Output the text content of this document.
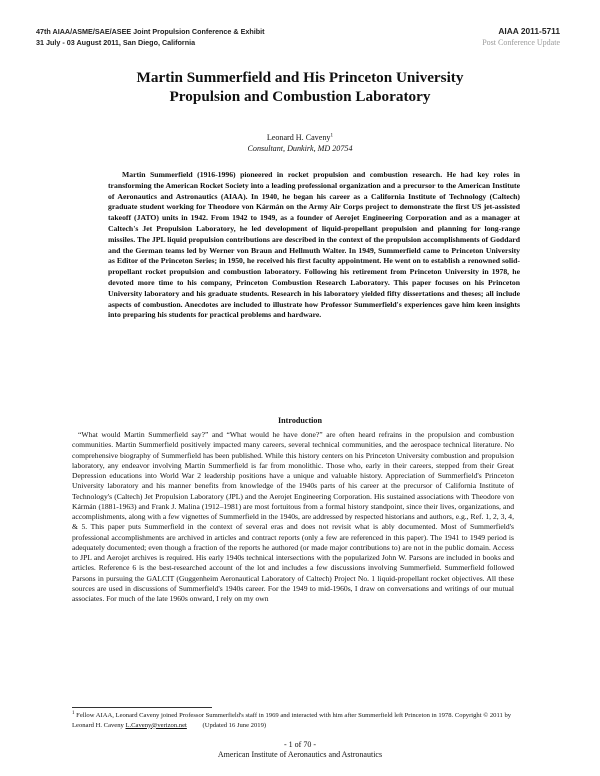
47th AIAA/ASME/SAE/ASEE Joint Propulsion Conference & Exhibit
31 July - 03 August 2011, San Diego, California
AIAA 2011-5711
Post Conference Update
Martin Summerfield and His Princeton University
Propulsion and Combustion Laboratory
Leonard H. Caveny$^1$
Consultant, Dunkirk, MD 20754

Martin Summerfield (1916-1996) pioneered in rocket propulsion and combustion research. He had key roles in transforming the American Rocket Society into a leading professional organization and a precursor to the American Institute of Aeronautics and Astronautics (AIAA). In 1940, he began his career as a California Institute of Technology (Caltech) graduate student working for Theodore von Kármán on the Army Air Corps project to demonstrate the first US jet-assisted takeoff (JATO) units in 1942. From 1942 to 1949, as a founder of Aerojet Engineering Corporation and as a manager at Caltech's Jet Propulsion Laboratory, he led development of liquid-propellant propulsion and planning for long-range missiles. The JPL liquid propulsion contributions are described in the context of the propulsion accomplishments of Goddard and the German teams led by Werner von Braun and Hellmuth Walter. In 1949, Summerfield came to Princeton University as Editor of the Princeton Series; in 1950, he received his first faculty appointment. He went on to establish a renowned solid-propellant rocket propulsion and combustion laboratory. Following his retirement from Princeton University in 1978, he devoted more time to his company, Princeton Combustion Research Laboratory. This paper focuses on his Princeton University laboratory and his graduate students. Research in his laboratory yielded fifty dissertations and theses; all include aspects of combustion. Anecdotes are included to illustrate how Professor Summerfield's experiences gave him keen insights into preparing his students for practical problems and hardware.

Introduction

“What would Martin Summerfield say?” and “What would he have done?” are often heard refrains in the propulsion and combustion communities. Martin Summerfield positively impacted many careers, several technical communities, and the aerospace technical literature. No comprehensive biography of Summerfield has been published. While this history centers on his Princeton University combustion and propulsion laboratory, any endeavor involving Martin Summerfield is far from monolithic. Those who, early in their careers, stepped from their Great Depression educations into World War 2 leadership positions have a unique and valuable history. Appreciation of Summerfield's Princeton University laboratory and his manner benefits from knowledge of the 1940s parts of his career at the precursor of California Institute of Technology's (Caltech) Jet Propulsion Laboratory (JPL) and the Aerojet Engineering Corporation. His sustained associations with Theodore von Kármán (1881-1963) and Frank J. Malina (1912–1981) are most fortuitous from a formal history standpoint, since their lives, organizations, and accomplishments, along with a few vignettes of Summerfield in the 1940s, are addressed by respected historians and authors, e.g., Ref. 1, 2, 3, 4, & 5. This paper puts Summerfield in the context of several eras and does not revisit what is ably documented. Most of Summerfield's professional accomplishments are archived in articles and contract reports (only a few are referenced in this paper). The 1941 to 1949 period is adequately documented; even though a fraction of the reports he authored (or made major contributions to) are not in the public domain. Access to JPL and Aerojet archives is required. His early 1940s technical intersections with the popularized John W. Parsons are included in books and articles. Reference 6 is the best-researched account of the lot and includes a few discussions involving Summerfield. Summerfield followed Parsons in pursuing the GALCIT (Guggenheim Aeronautical Laboratory of Caltech) Project No. 1 liquid-propellant rocket objectives. All these sources are used in discussions of Summerfield's 1940s career. For the 1949 to mid-1960s, I draw on conversations and writings of our mutual associates. For much of the late 1960s onward, I rely on my own

$^1$ Fellow AIAA, Leonard Caveny joined Professor Summerfield's staff in 1969 and interacted with him after Summerfield left Princeton in 1978. Copyright © 2011 by Leonard H. Caveny L.Caveny@verizon.net (Updated 16 June 2019)

- 1 of 70 -
American Institute of Aeronautics and Astronautics
